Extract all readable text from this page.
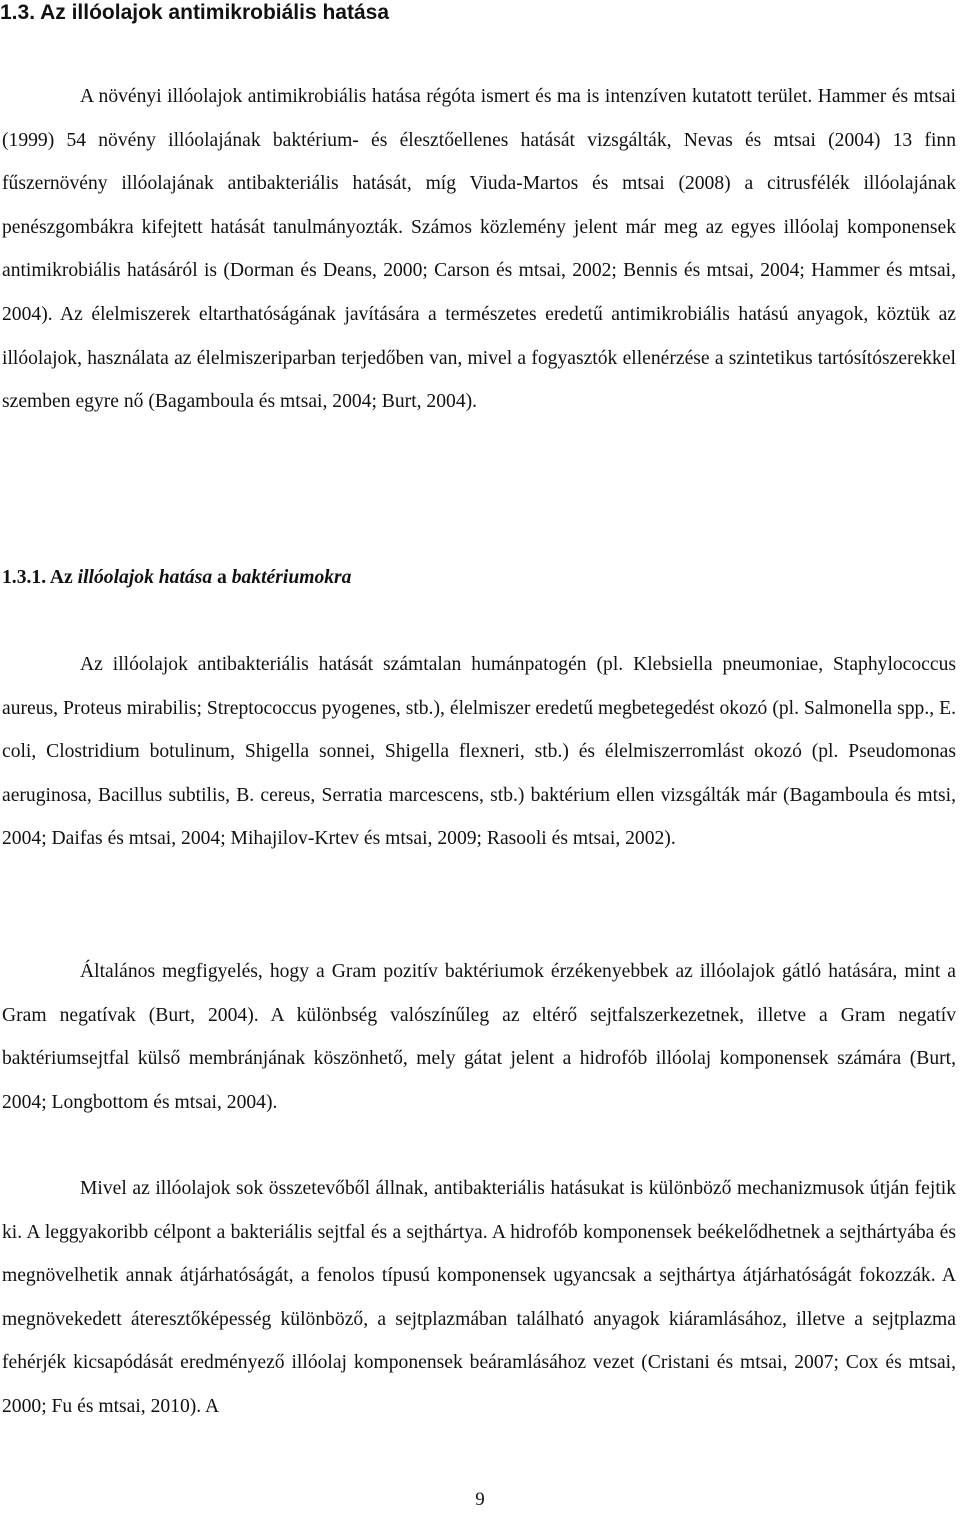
1.3. Az illóolajok antimikrobiális hatása

A növényi illóolajok antimikrobiális hatása régóta ismert és ma is intenzíven kutatott terület. Hammer és mtsai (1999) 54 növény illóolajának baktérium- és élesztőellenes hatását vizsgálták, Nevas és mtsai (2004) 13 finn fűszernövény illóolajának antibakteriális hatását, míg Viuda-Martos és mtsai (2008) a citrusfélék illóolajának penészgombákra kifejtett hatását tanulmányozták. Számos közlemény jelent már meg az egyes illóolaj komponensek antimikrobiális hatásáról is (Dorman és Deans, 2000; Carson és mtsai, 2002; Bennis és mtsai, 2004; Hammer és mtsai, 2004). Az élelmiszerek eltarthatóságának javítására a természetes eredetű antimikrobiális hatású anyagok, köztük az illóolajok, használata az élelmiszeriparban terjedőben van, mivel a fogyasztók ellenérzése a szintetikus tartósítószerekkel szemben egyre nő (Bagamboula és mtsai, 2004; Burt, 2004).

1.3.1. Az illóolajok hatása a baktériumokra

Az illóolajok antibakteriális hatását számtalan humánpatogén (pl. Klebsiella pneumoniae, Staphylococcus aureus, Proteus mirabilis; Streptococcus pyogenes, stb.), élelmiszer eredetű megbetegedést okozó (pl. Salmonella spp., E. coli, Clostridium botulinum, Shigella sonnei, Shigella flexneri, stb.) és élelmiszerromlást okozó (pl. Pseudomonas aeruginosa, Bacillus subtilis, B. cereus, Serratia marcescens, stb.) baktérium ellen vizsgálták már (Bagamboula és mtsi, 2004; Daifas és mtsai, 2004; Mihajilov-Krtev és mtsai, 2009; Rasooli és mtsai, 2002).

Általános megfigyelés, hogy a Gram pozitív baktériumok érzékenyebbek az illóolajok gátló hatására, mint a Gram negatívak (Burt, 2004). A különbség valószínűleg az eltérő sejtfalszerkezetnek, illetve a Gram negatív baktériumsejtfal külső membránjának köszönhető, mely gátat jelent a hidrofób illóolaj komponensek számára (Burt, 2004; Longbottom és mtsai, 2004).

Mivel az illóolajok sok összetevőből állnak, antibakteriális hatásukat is különböző mechanizmusok útján fejtik ki. A leggyakoribb célpont a bakteriális sejtfal és a sejthártya. A hidrofób komponensek beékelődhetnek a sejthártyába és megnövelhetik annak átjárhatóságát, a fenolos típusú komponensek ugyancsak a sejthártya átjárhatóságát fokozzák. A megnövekedett áteresztőképesség különböző, a sejtplazmában található anyagok kiáramlásához, illetve a sejtplazma fehérjék kicsapódását eredményező illóolaj komponensek beáramlásához vezet (Cristani és mtsai, 2007; Cox és mtsai, 2000; Fu és mtsai, 2010). A

9
